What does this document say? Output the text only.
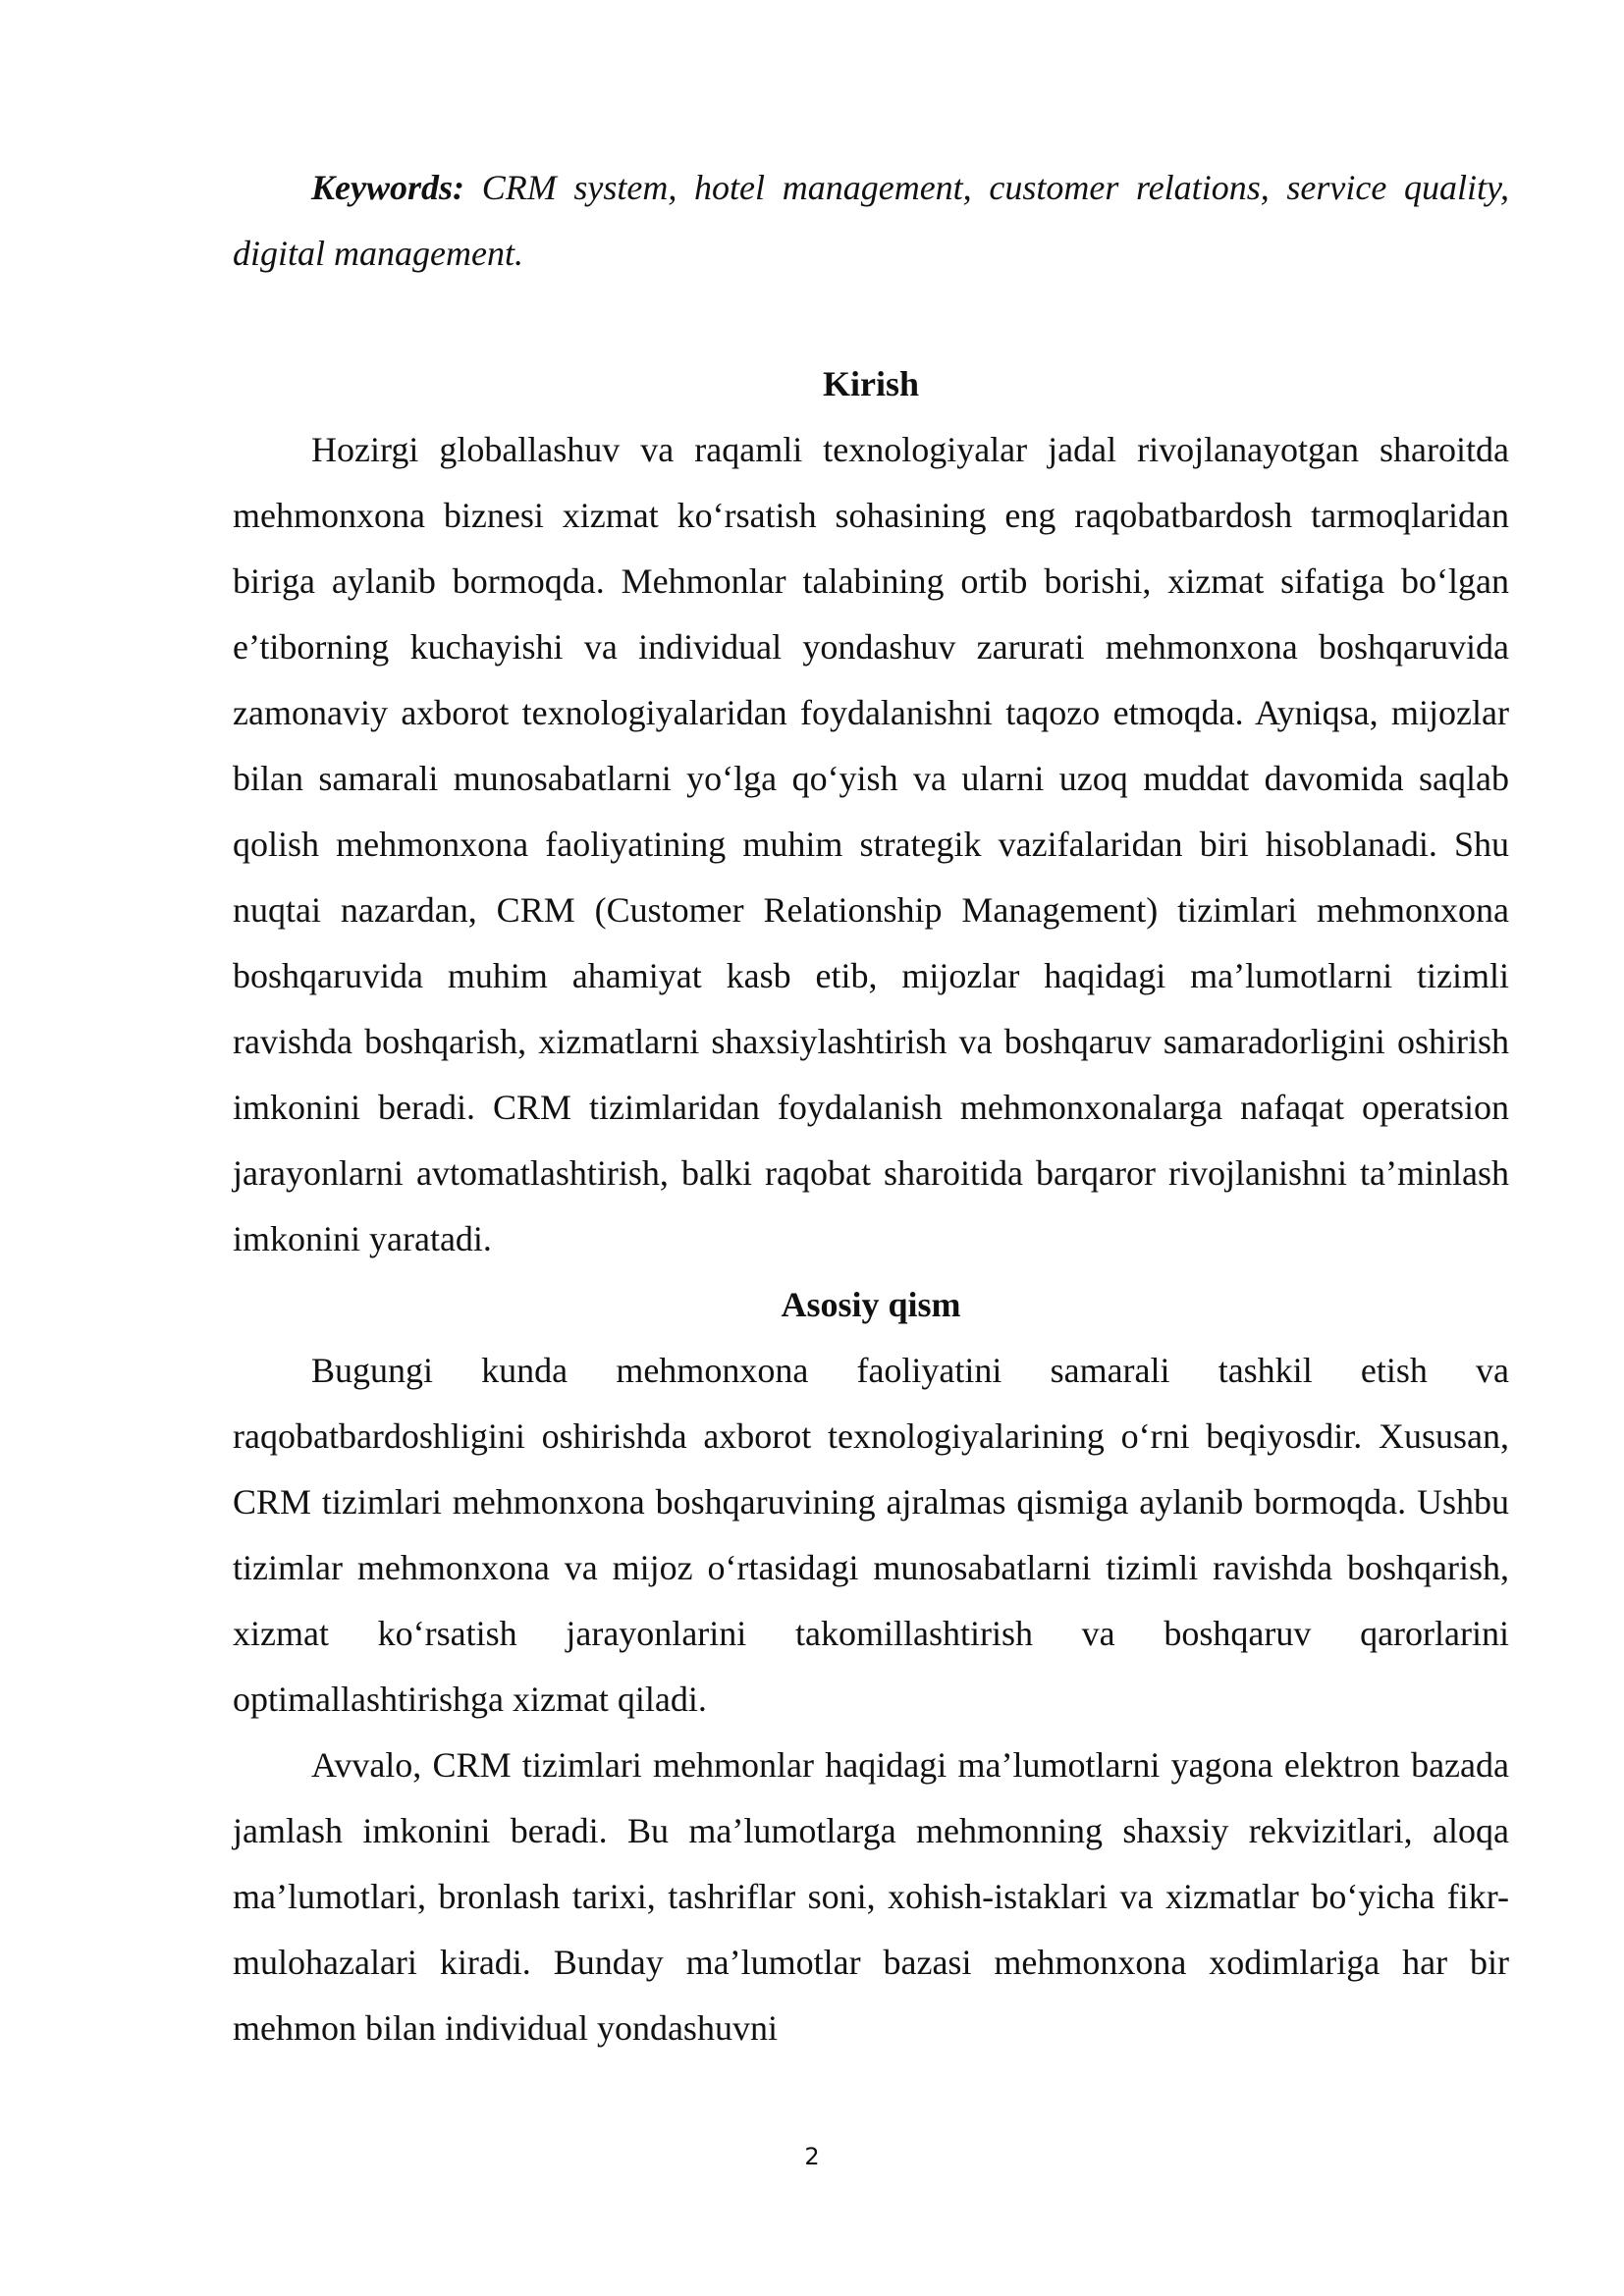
Keywords: CRM system, hotel management, customer relations, service quality, digital management.

Kirish

Hozirgi globallashuv va raqamli texnologiyalar jadal rivojlanayotgan sharoitda mehmonxona biznesi xizmat ko‘rsatish sohasining eng raqobatbardosh tarmoqlaridan biriga aylanib bormoqda. Mehmonlar talabining ortib borishi, xizmat sifatiga bo‘lgan e’tiborning kuchayishi va individual yondashuv zarurati mehmonxona boshqaruvida zamonaviy axborot texnologiyalaridan foydalanishni taqozo etmoqda. Ayniqsa, mijozlar bilan samarali munosabatlarni yo‘lga qo‘yish va ularni uzoq muddat davomida saqlab qolish mehmonxona faoliyatining muhim strategik vazifalaridan biri hisoblanadi. Shu nuqtai nazardan, CRM (Customer Relationship Management) tizimlari mehmonxona boshqaruvida muhim ahamiyat kasb etib, mijozlar haqidagi ma’lumotlarni tizimli ravishda boshqarish, xizmatlarni shaxsiylashtirish va boshqaruv samaradorligini oshirish imkonini beradi. CRM tizimlaridan foydalanish mehmonxonalarga nafaqat operatsion jarayonlarni avtomatlashtirish, balki raqobat sharoitida barqaror rivojlanishni ta’minlash imkonini yaratadi.

Asosiy qism

Bugungi kunda mehmonxona faoliyatini samarali tashkil etish va raqobatbardoshligini oshirishda axborot texnologiyalarining o‘rni beqiyosdir. Xususan, CRM tizimlari mehmonxona boshqaruvining ajralmas qismiga aylanib bormoqda. Ushbu tizimlar mehmonxona va mijoz o‘rtasidagi munosabatlarni tizimli ravishda boshqarish, xizmat ko‘rsatish jarayonlarini takomillashtirish va boshqaruv qarorlarini optimallashtirishga xizmat qiladi.

Avvalo, CRM tizimlari mehmonlar haqidagi ma’lumotlarni yagona elektron bazada jamlash imkonini beradi. Bu ma’lumotlarga mehmonning shaxsiy rekvizitlari, aloqa ma’lumotlari, bronlash tarixi, tashriflar soni, xohish-istaklari va xizmatlar bo‘yicha fikr-mulohazalari kiradi. Bunday ma’lumotlar bazasi mehmonxona xodimlariga har bir mehmon bilan individual yondashuvni

2
